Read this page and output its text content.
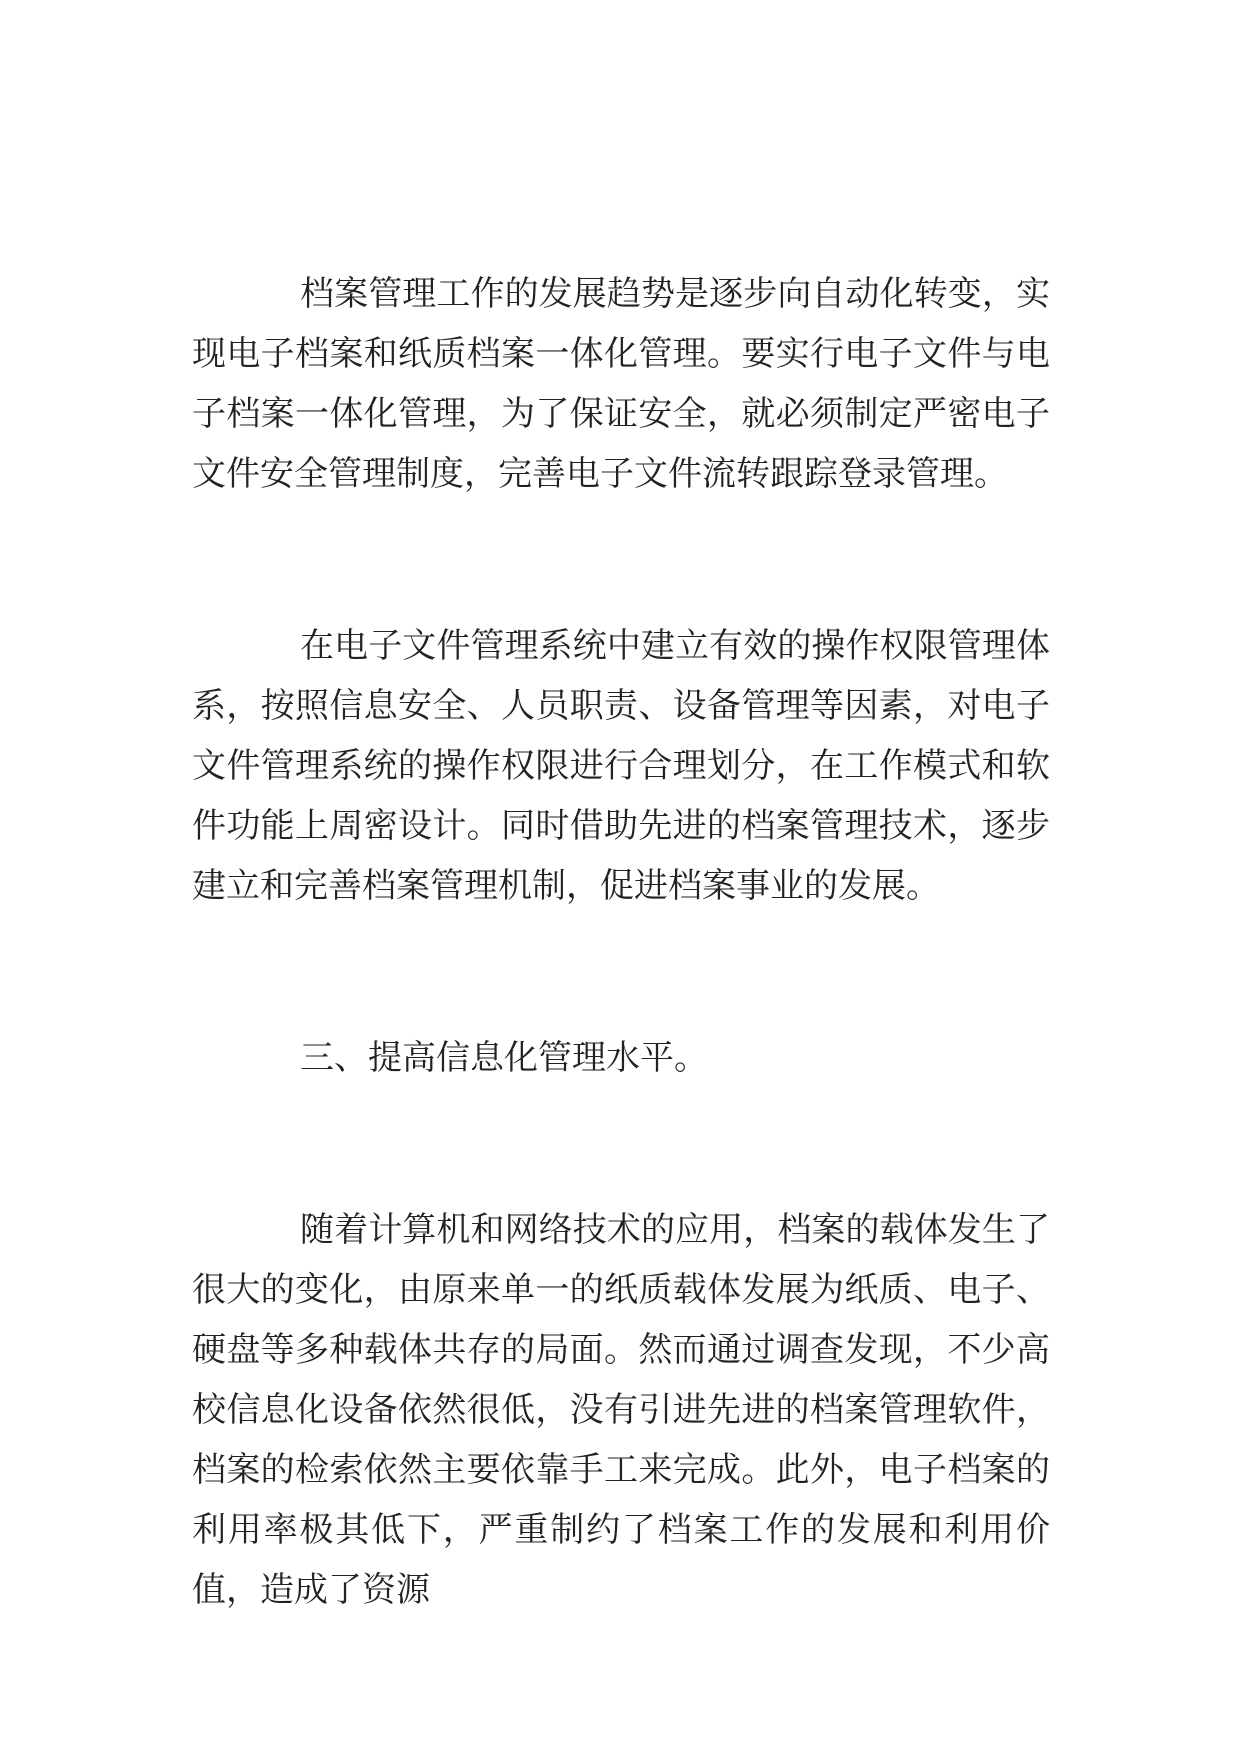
档案管理工作的发展趋势是逐步向自动化转变，实现电子档案和纸质档案一体化管理。要实行电子文件与电子档案一体化管理，为了保证安全，就必须制定严密电子文件安全管理制度，完善电子文件流转跟踪登录管理。

在电子文件管理系统中建立有效的操作权限管理体系，按照信息安全、人员职责、设备管理等因素，对电子文件管理系统的操作权限进行合理划分，在工作模式和软件功能上周密设计。同时借助先进的档案管理技术，逐步建立和完善档案管理机制，促进档案事业的发展。

三、提高信息化管理水平。

随着计算机和网络技术的应用，档案的载体发生了很大的变化，由原来单一的纸质载体发展为纸质、电子、硬盘等多种载体共存的局面。然而通过调查发现，不少高校信息化设备依然很低，没有引进先进的档案管理软件，档案的检索依然主要依靠手工来完成。此外，电子档案的利用率极其低下，严重制约了档案工作的发展和利用价值，造成了资源
